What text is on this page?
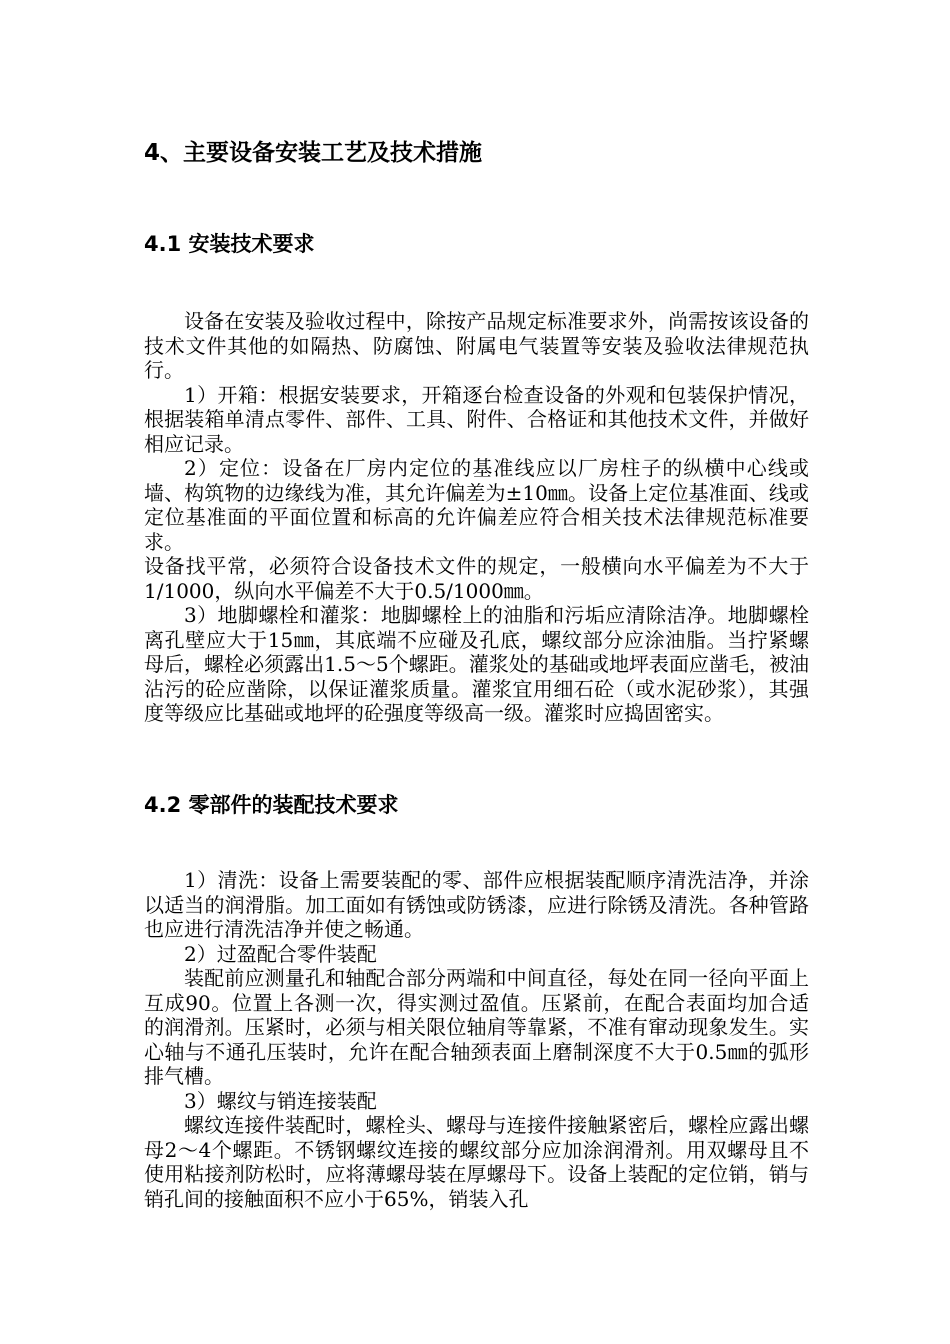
4、主要设备安装工艺及技术措施
4.1 安装技术要求

设备在安装及验收过程中，除按产品规定标准要求外，尚需按该设备的技术文件其他的如隔热、防腐蚀、附属电气装置等安装及验收法律规范执行。

1）开箱：根据安装要求，开箱逐台检查设备的外观和包装保护情况，根据装箱单清点零件、部件、工具、附件、合格证和其他技术文件，并做好相应记录。

2）定位：设备在厂房内定位的基准线应以厂房柱子的纵横中心线或墙、构筑物的边缘线为准，其允许偏差为±10㎜。设备上定位基准面、线或定位基准面的平面位置和标高的允许偏差应符合相关技术法律规范标准要求。

设备找平常，必须符合设备技术文件的规定，一般横向水平偏差为不大于1/1000，纵向水平偏差不大于0.5/1000㎜。

3）地脚螺栓和灌浆：地脚螺栓上的油脂和污垢应清除洁净。地脚螺栓离孔壁应大于15㎜，其底端不应碰及孔底，螺纹部分应涂油脂。当拧紧螺母后，螺栓必须露出1.5～5个螺距。灌浆处的基础或地坪表面应凿毛，被油沾污的砼应凿除，以保证灌浆质量。灌浆宜用细石砼（或水泥砂浆），其强度等级应比基础或地坪的砼强度等级高一级。灌浆时应捣固密实。

4.2 零部件的装配技术要求

1）清洗：设备上需要装配的零、部件应根据装配顺序清洗洁净，并涂以适当的润滑脂。加工面如有锈蚀或防锈漆，应进行除锈及清洗。各种管路也应进行清洗洁净并使之畅通。

2）过盈配合零件装配

装配前应测量孔和轴配合部分两端和中间直径，每处在同一径向平面上互成90。位置上各测一次，得实测过盈值。压紧前，在配合表面均加合适的润滑剂。压紧时，必须与相关限位轴肩等靠紧，不准有窜动现象发生。实心轴与不通孔压装时，允许在配合轴颈表面上磨制深度不大于0.5㎜的弧形排气槽。

3）螺纹与销连接装配

螺纹连接件装配时，螺栓头、螺母与连接件接触紧密后，螺栓应露出螺母2～4个螺距。不锈钢螺纹连接的螺纹部分应加涂润滑剂。用双螺母且不使用粘接剂防松时，应将薄螺母装在厚螺母下。设备上装配的定位销，销与销孔间的接触面积不应小于65%，销装入孔
